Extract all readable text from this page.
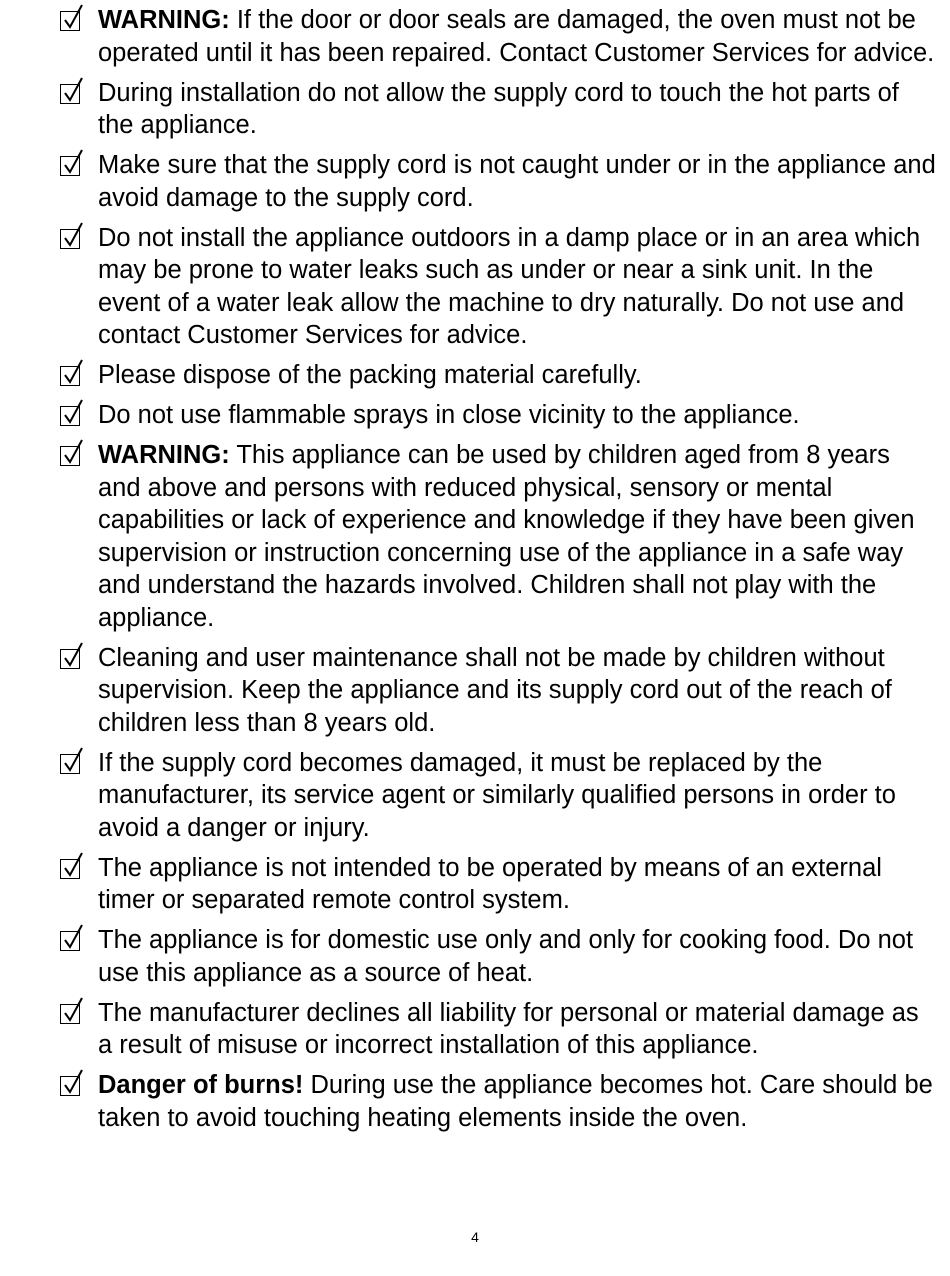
WARNING: If the door or door seals are damaged, the oven must not be operated until it has been repaired. Contact Customer Services for advice.
During installation do not allow the supply cord to touch the hot parts of the appliance.
Make sure that the supply cord is not caught under or in the appliance and avoid damage to the supply cord.
Do not install the appliance outdoors in a damp place or in an area which may be prone to water leaks such as under or near a sink unit. In the event of a water leak allow the machine to dry naturally. Do not use and contact Customer Services for advice.
Please dispose of the packing material carefully.
Do not use flammable sprays in close vicinity to the appliance.
WARNING: This appliance can be used by children aged from 8 years and above and persons with reduced physical, sensory or mental capabilities or lack of experience and knowledge if they have been given supervision or instruction concerning use of the appliance in a safe way and understand the hazards involved. Children shall not play with the appliance.
Cleaning and user maintenance shall not be made by children without supervision. Keep the appliance and its supply cord out of the reach of children less than 8 years old.
If the supply cord becomes damaged, it must be replaced by the manufacturer, its service agent or similarly qualified persons in order to avoid a danger or injury.
The appliance is not intended to be operated by means of an external timer or separated remote control system.
The appliance is for domestic use only and only for cooking food. Do not use this appliance as a source of heat.
The manufacturer declines all liability for personal or material damage as a result of misuse or incorrect installation of this appliance.
Danger of burns! During use the appliance becomes hot. Care should be taken to avoid touching heating elements inside the oven.
4
